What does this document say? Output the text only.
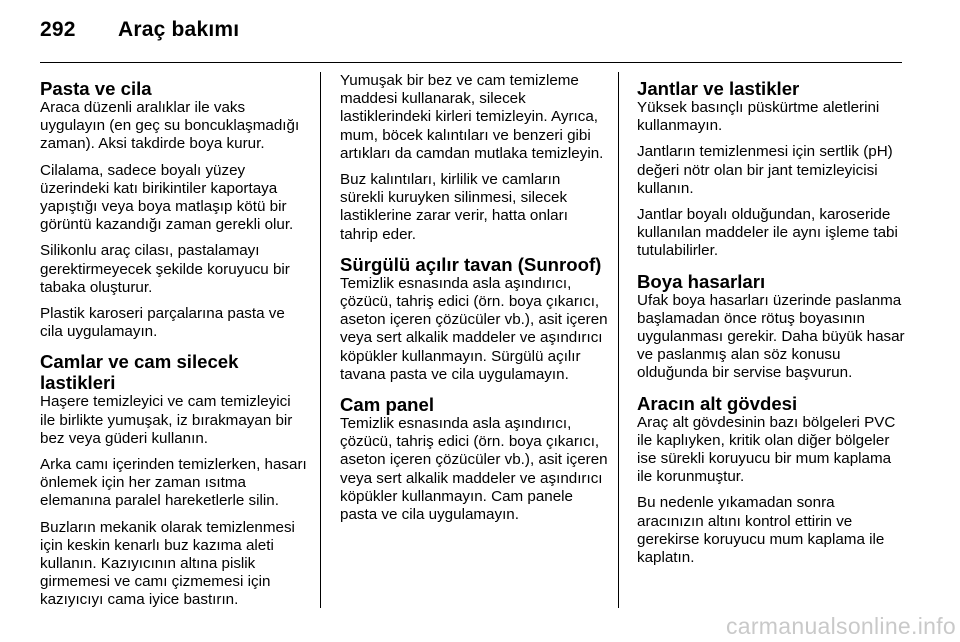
292 Araç bakımı
Pasta ve cila

Araca düzenli aralıklar ile vaks uygulayın (en geç su boncuklaşmadığı zaman). Aksi takdirde boya kurur.

Cilalama, sadece boyalı yüzey üzerindeki katı birikintiler kaportaya yapıştığı veya boya matlaşıp kötü bir görüntü kazandığı zaman gerekli olur.

Silikonlu araç cilası, pastalamayı gerektirmeyecek şekilde koruyucu bir tabaka oluşturur.

Plastik karoseri parçalarına pasta ve cila uygulamayın.

Camlar ve cam silecek lastikleri

Haşere temizleyici ve cam temizleyici ile birlikte yumuşak, iz bırakmayan bir bez veya güderi kullanın.

Arka camı içerinden temizlerken, hasarı önlemek için her zaman ısıtma elemanına paralel hareketlerle silin.

Buzların mekanik olarak temizlenmesi için keskin kenarlı buz kazıma aleti kullanın. Kazıyıcının altına pislik girmemesi ve camı çizmemesi için kazıyıcıyı cama iyice bastırın.

Yumuşak bir bez ve cam temizleme maddesi kullanarak, silecek lastiklerindeki kirleri temizleyin. Ayrıca, mum, böcek kalıntıları ve benzeri gibi artıkları da camdan mutlaka temizleyin.

Buz kalıntıları, kirlilik ve camların sürekli kuruyken silinmesi, silecek lastiklerine zarar verir, hatta onları tahrip eder.

Sürgülü açılır tavan (Sunroof)

Temizlik esnasında asla aşındırıcı, çözücü, tahriş edici (örn. boya çıkarıcı, aseton içeren çözücüler vb.), asit içeren veya sert alkalik maddeler ve aşındırıcı köpükler kullanmayın. Sürgülü açılır tavana pasta ve cila uygulamayın.

Cam panel

Temizlik esnasında asla aşındırıcı, çözücü, tahriş edici (örn. boya çıkarıcı, aseton içeren çözücüler vb.), asit içeren veya sert alkalik maddeler ve aşındırıcı köpükler kullanmayın. Cam panele pasta ve cila uygulamayın.

Jantlar ve lastikler

Yüksek basınçlı püskürtme aletlerini kullanmayın.

Jantların temizlenmesi için sertlik (pH) değeri nötr olan bir jant temizleyicisi kullanın.

Jantlar boyalı olduğundan, karoseride kullanılan maddeler ile aynı işleme tabi tutulabilirler.

Boya hasarları

Ufak boya hasarları üzerinde paslanma başlamadan önce rötuş boyasının uygulanması gerekir. Daha büyük hasar ve paslanmış alan söz konusu olduğunda bir servise başvurun.

Aracın alt gövdesi

Araç alt gövdesinin bazı bölgeleri PVC ile kaplıyken, kritik olan diğer bölgeler ise sürekli koruyucu bir mum kaplama ile korunmuştur.

Bu nedenle yıkamadan sonra aracınızın altını kontrol ettirin ve gerekirse koruyucu mum kaplama ile kaplatın.

carmanualsonline.info
